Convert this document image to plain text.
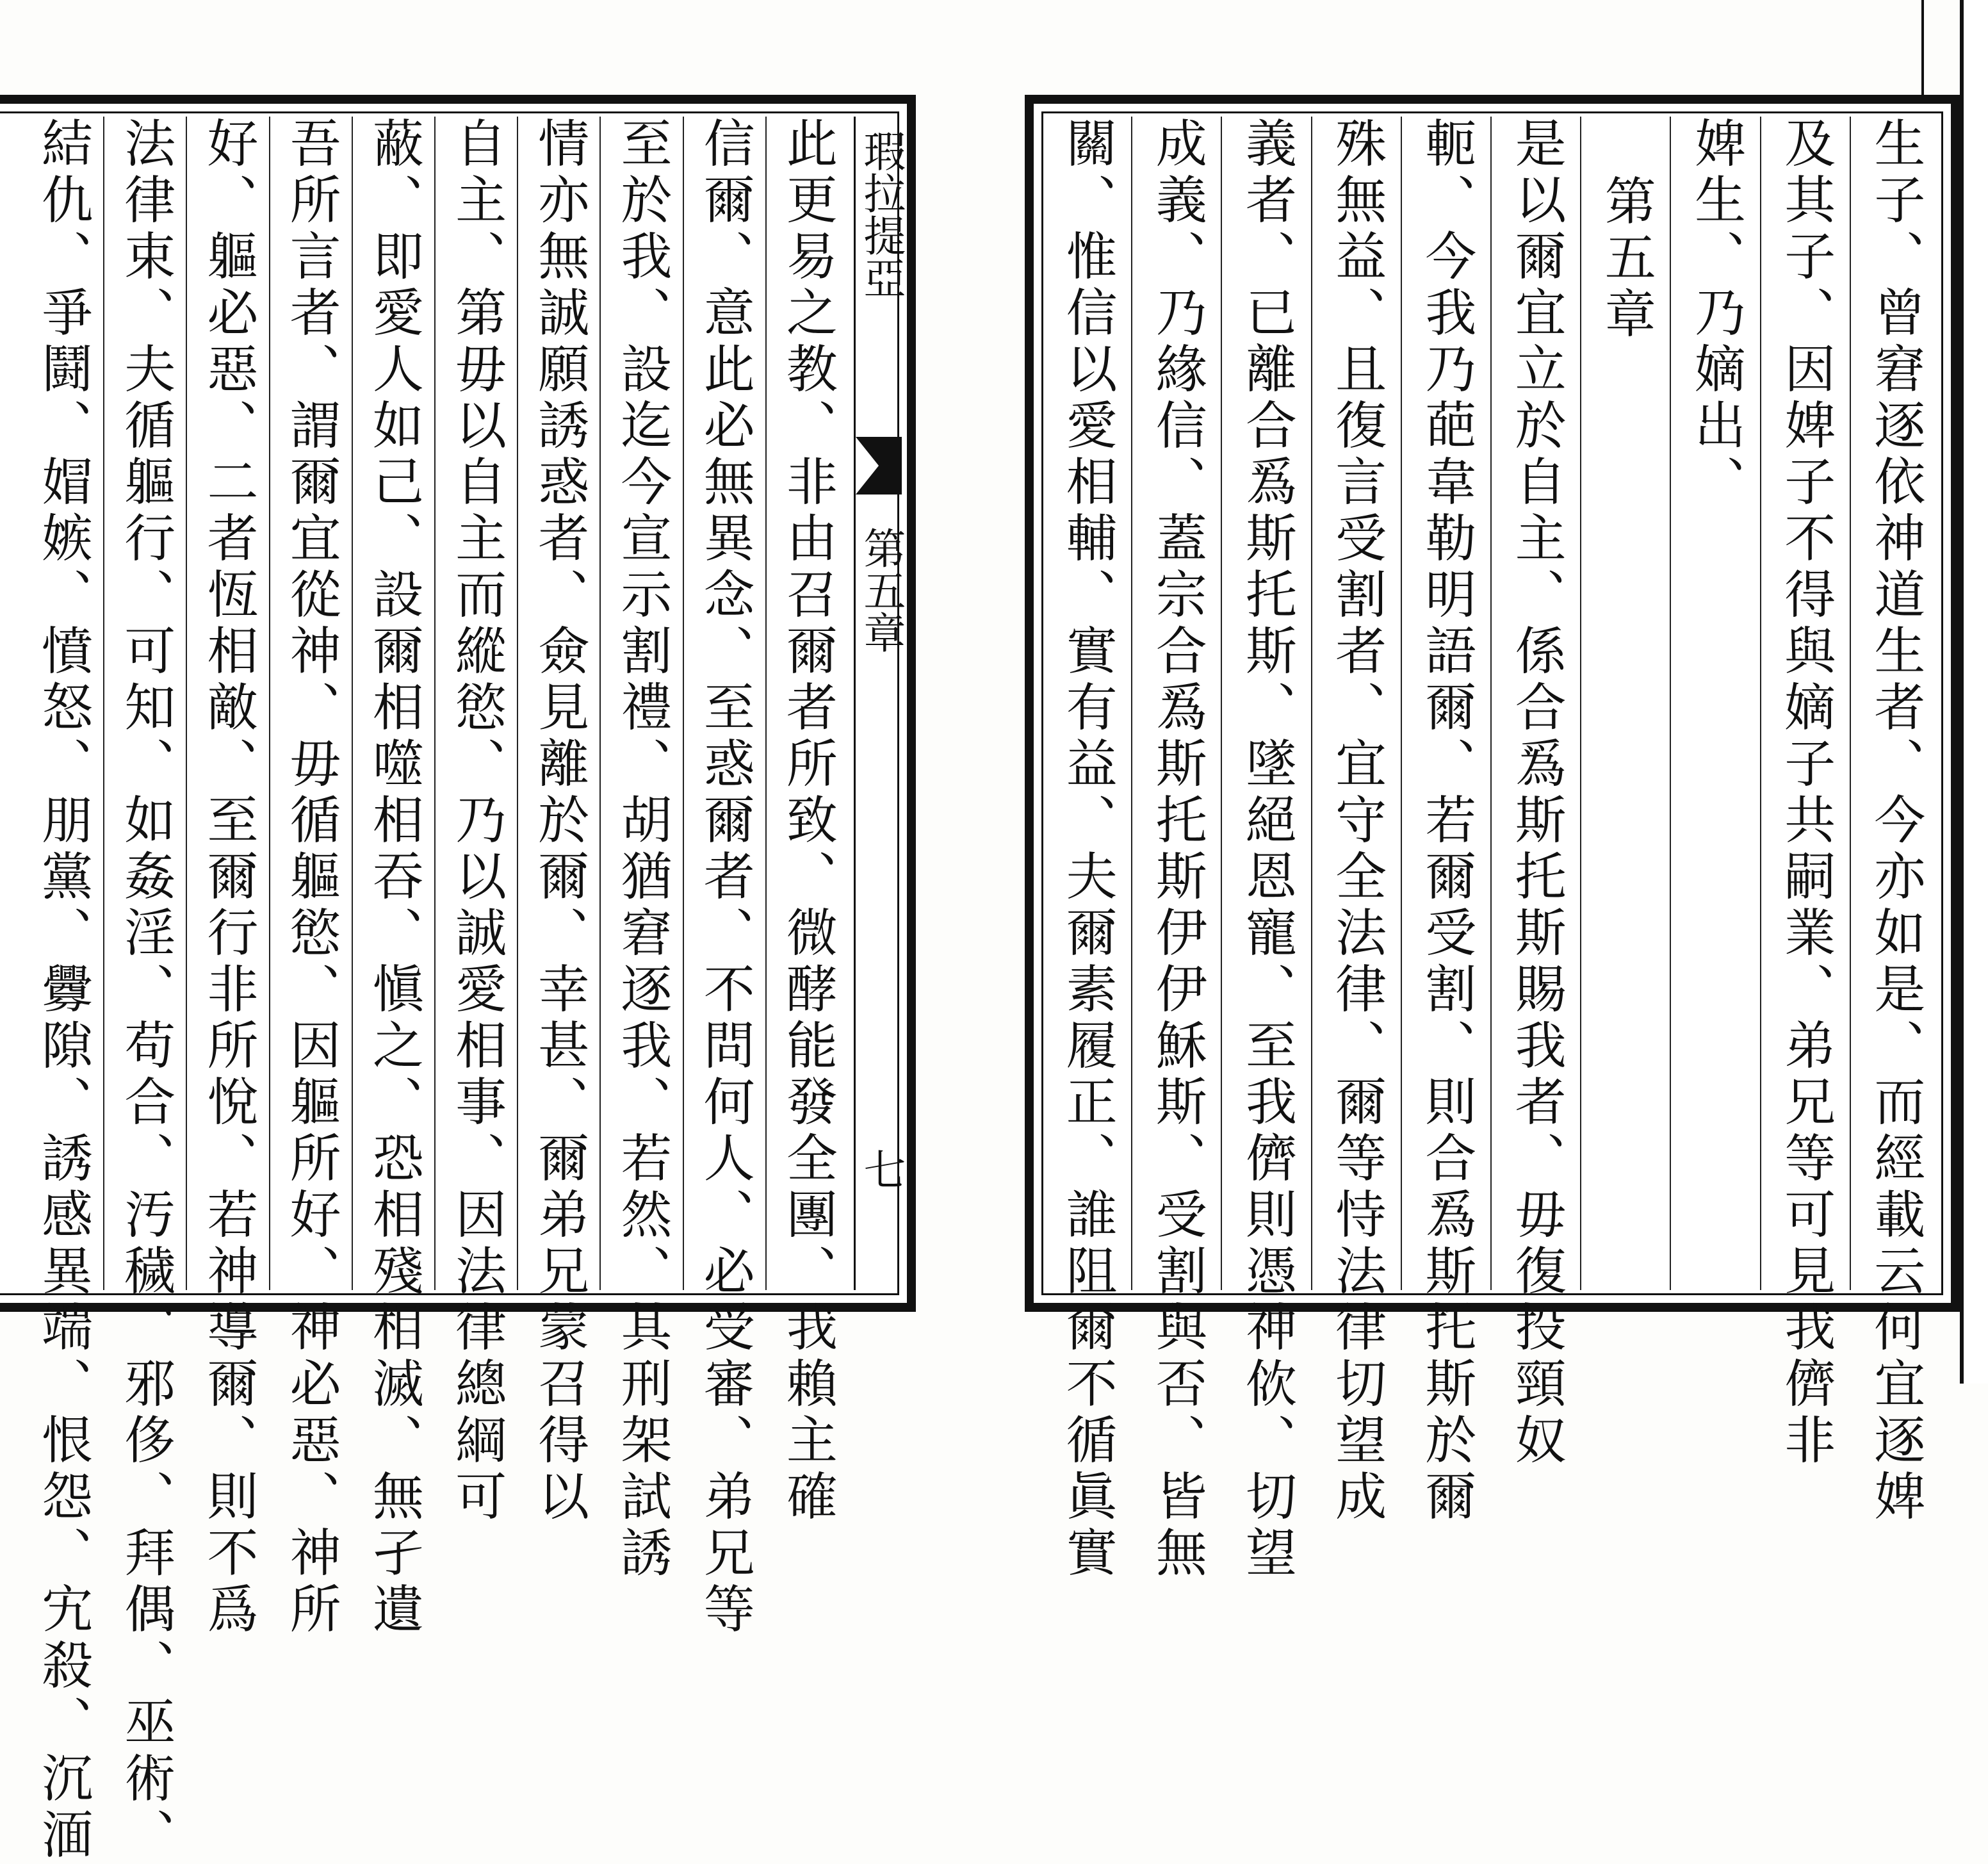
瑕拉提亞
第五章
七
此更易之教、非由召爾者所致、微酵能發全團、我賴主確
信爾、意此必無異念、至惑爾者、不問何人、必受審、弟兄等
至於我、設迄今宣示割禮、胡猶窘逐我、若然、其刑架試誘
情亦無誠願誘惑者、僉見離於爾、幸甚、爾弟兄蒙召得以
自主、第毋以自主而縱慾、乃以誠愛相事、因法律總綱可
蔽、即愛人如己、設爾相噬相吞、愼之、恐相殘相滅、無孑遺
吾所言者、謂爾宜從神、毋循軀慾、因軀所好、神必惡、神所
好、軀必惡、二者恆相敵、至爾行非所悅、若神導爾、則不爲
法律束、夫循軀行、可知、如姦淫、苟合、汚穢、邪侈、拜偶、巫術、
結仇、爭鬪、媢嫉、憤怒、朋黨、釁隙、誘感異端、恨怨、宄殺、沉湎	生子、曾窘逐依神道生者、今亦如是、而經載云何宜逐婢
及其子、因婢子不得與嫡子共嗣業、弟兄等可見我儕非
婢生、乃嫡出、
第五章
是以爾宜立於自主、係合𤔡斯托斯賜我者、毋復投頸奴
軛、今我乃葩韋勒明語爾、若爾受割、則合𤔡斯托斯於爾
殊無益、且復言受割者、宜守全法律、爾等恃法律切望成
義者、已離合𤔡斯托斯、墜絕恩寵、至我儕則憑神佽、切望
成義、乃緣信、蓋宗合𤔡斯托斯伊伊穌斯、受割與否、皆無
關、惟信以愛相輔、實有益、夫爾素履正、誰阻爾不循眞實
